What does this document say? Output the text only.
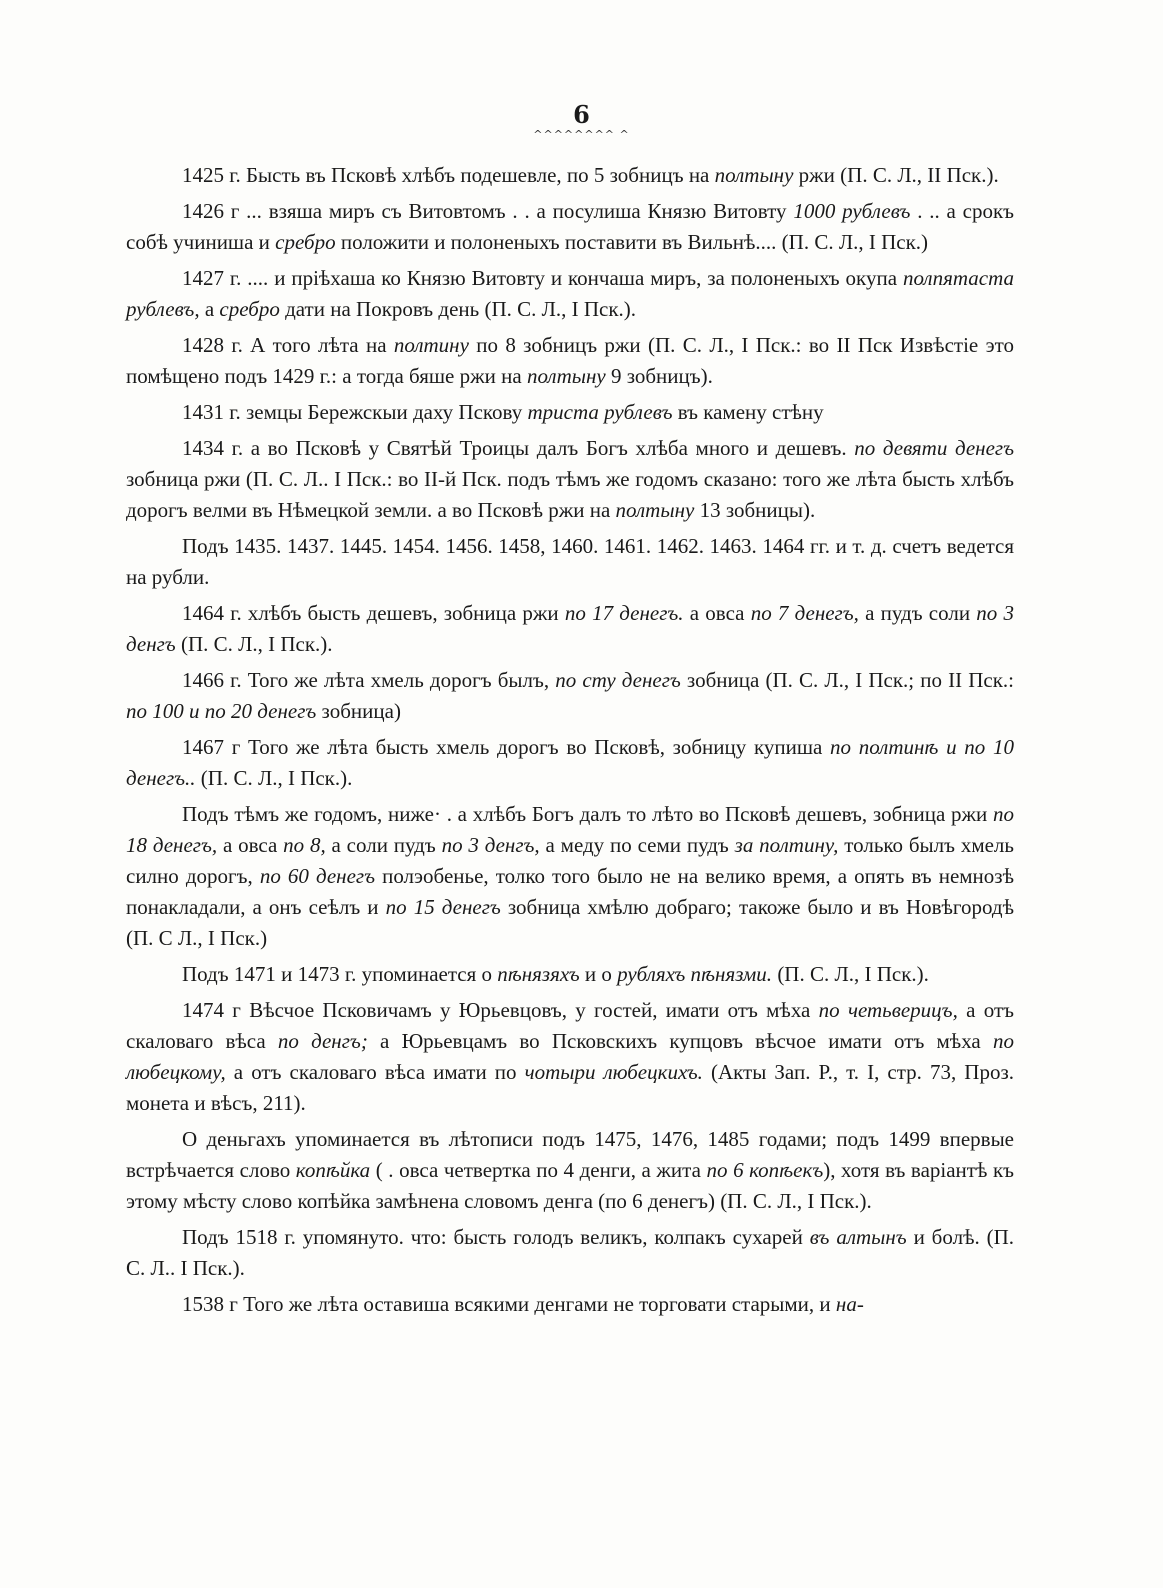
6
^^^^^^^^ ^

1425 г. Бысть въ Псковѣ хлѣбъ подешевле, по 5 зобницъ на полтыну ржи (П. С. Л., II Пск.).

1426 г ... взяша миръ съ Витовтомъ . . а посулиша Князю Витовту 1000 рублевъ . .. а срокъ собѣ учиниша и сребро положити и полоненыхъ поставити въ Вильнѣ.... (П. С. Л., I Пск.)

1427 г. .... и пріѣхаша ко Князю Витовту и кончаша миръ, за полоненыхъ окупа полпятаста рублевъ, а сребро дати на Покровъ день (П. С. Л., I Пск.).

1428 г. А того лѣта на полтину по 8 зобницъ ржи (П. С. Л., I Пск.: во II Пск Извѣстіе это помѣщено подъ 1429 г.: а тогда бяше ржи на полтыну 9 зобницъ).

1431 г. земцы Бережскыи даху Пскову триста рублевъ въ камену стѣну

1434 г. а во Псковѣ у Святѣй Троицы далъ Богъ хлѣба много и дешевъ. по девяти денегъ зобница ржи (П. С. Л.. I Пск.: во II-й Пск. подъ тѣмъ же годомъ сказано: того же лѣта бысть хлѣбъ дорогъ велми въ Нѣмецкой земли. а во Псковѣ ржи на полтыну 13 зобницы).

Подъ 1435. 1437. 1445. 1454. 1456. 1458, 1460. 1461. 1462. 1463. 1464 гг. и т. д. счетъ ведется на рубли.

1464 г. хлѣбъ бысть дешевъ, зобница ржи по 17 денегъ. а овса по 7 денегъ, а пудъ соли по 3 денгъ (П. С. Л., I Пск.).

1466 г. Того же лѣта хмель дорогъ былъ, по сту денегъ зобница (П. С. Л., I Пск.; по II Пск.: по 100 и по 20 денегъ зобница)

1467 г Того же лѣта бысть хмель дорогъ во Псковѣ, зобницу купиша по полтинѣ и по 10 денегъ.. (П. С. Л., I Пск.).

Подъ тѣмъ же годомъ, ниже· . а хлѣбъ Богъ далъ то лѣто во Псковѣ дешевъ, зобница ржи по 18 денегъ, а овса по 8, а соли пудъ по 3 денгъ, а меду по семи пудъ за полтину, только былъ хмель силно дорогъ, по 60 денегъ полэобенье, толко того было не на велико время, а опять въ немнозѣ понакладали, а онъ сеѣлъ и по 15 денегъ зобница хмѣлю добраго; такоже было и въ Новѣгородѣ (П. С Л., I Пск.)

Подъ 1471 и 1473 г. упоминается о пѣнязяхъ и о рубляхъ пѣнязми. (П. С. Л., I Пск.).

1474 г Вѣсчое Псковичамъ у Юрьевцовъ, у гостей, имати отъ мѣха по четьверицъ, а отъ скаловаго вѣса по денгъ; а Юрьевцамъ во Псковскихъ купцовъ вѣсчое имати отъ мѣха по любецкому, а отъ скаловаго вѣса имати по чотыри любецкихъ. (Акты Зап. Р., т. I, стр. 73, Проз. монета и вѣсъ, 211).

О деньгахъ упоминается въ лѣтописи подъ 1475, 1476, 1485 годами; подъ 1499 впервые встрѣчается слово копѣйка ( . овса четвертка по 4 денги, а жита по 6 копѣекъ), хотя въ варіантѣ къ этому мѣсту слово копѣйка замѣнена словомъ денга (по 6 денегъ) (П. С. Л., I Пск.).

Подъ 1518 г. упомянуто. что: бысть голодъ великъ, колпакъ сухарей въ алтынъ и болѣ. (П. С. Л.. I Пск.).

1538 г Того же лѣта оставиша всякими денгами не торговати старыми, и на-
